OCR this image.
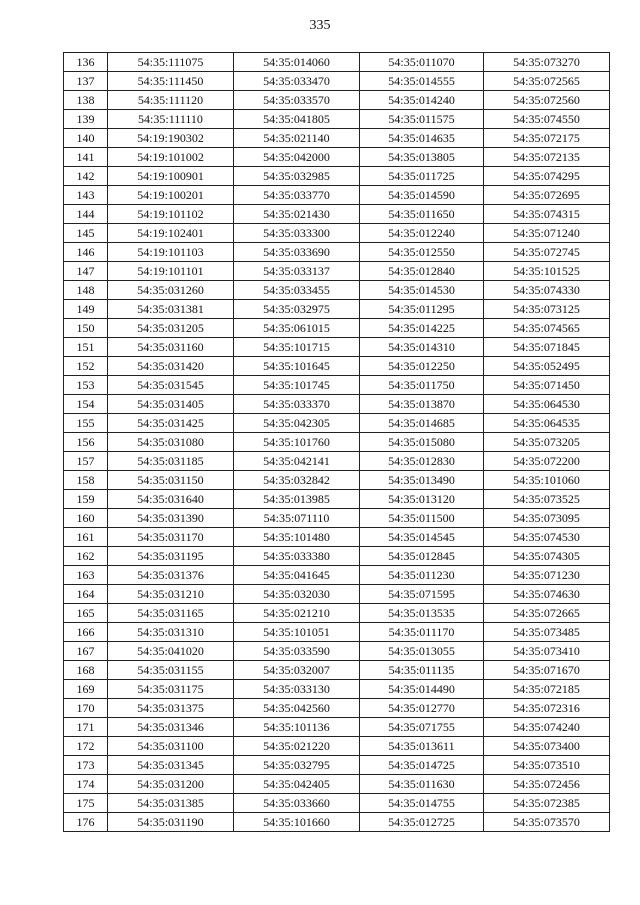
335
136	54:35:111075	54:35:014060	54:35:011070	54:35:073270
137	54:35:111450	54:35:033470	54:35:014555	54:35:072565
138	54:35:111120	54:35:033570	54:35:014240	54:35:072560
139	54:35:111110	54:35:041805	54:35:011575	54:35:074550
140	54:19:190302	54:35:021140	54:35:014635	54:35:072175
141	54:19:101002	54:35:042000	54:35:013805	54:35:072135
142	54:19:100901	54:35:032985	54:35:011725	54:35:074295
143	54:19:100201	54:35:033770	54:35:014590	54:35:072695
144	54:19:101102	54:35:021430	54:35:011650	54:35:074315
145	54:19:102401	54:35:033300	54:35:012240	54:35:071240
146	54:19:101103	54:35:033690	54:35:012550	54:35:072745
147	54:19:101101	54:35:033137	54:35:012840	54:35:101525
148	54:35:031260	54:35:033455	54:35:014530	54:35:074330
149	54:35:031381	54:35:032975	54:35:011295	54:35:073125
150	54:35:031205	54:35:061015	54:35:014225	54:35:074565
151	54:35:031160	54:35:101715	54:35:014310	54:35:071845
152	54:35:031420	54:35:101645	54:35:012250	54:35:052495
153	54:35:031545	54:35:101745	54:35:011750	54:35:071450
154	54:35:031405	54:35:033370	54:35:013870	54:35:064530
155	54:35:031425	54:35:042305	54:35:014685	54:35:064535
156	54:35:031080	54:35:101760	54:35:015080	54:35:073205
157	54:35:031185	54:35:042141	54:35:012830	54:35:072200
158	54:35:031150	54:35:032842	54:35:013490	54:35:101060
159	54:35:031640	54:35:013985	54:35:013120	54:35:073525
160	54:35:031390	54:35:071110	54:35:011500	54:35:073095
161	54:35:031170	54:35:101480	54:35:014545	54:35:074530
162	54:35:031195	54:35:033380	54:35:012845	54:35:074305
163	54:35:031376	54:35:041645	54:35:011230	54:35:071230
164	54:35:031210	54:35:032030	54:35:071595	54:35:074630
165	54:35:031165	54:35:021210	54:35:013535	54:35:072665
166	54:35:031310	54:35:101051	54:35:011170	54:35:073485
167	54:35:041020	54:35:033590	54:35:013055	54:35:073410
168	54:35:031155	54:35:032007	54:35:011135	54:35:071670
169	54:35:031175	54:35:033130	54:35:014490	54:35:072185
170	54:35:031375	54:35:042560	54:35:012770	54:35:072316
171	54:35:031346	54:35:101136	54:35:071755	54:35:074240
172	54:35:031100	54:35:021220	54:35:013611	54:35:073400
173	54:35:031345	54:35:032795	54:35:014725	54:35:073510
174	54:35:031200	54:35:042405	54:35:011630	54:35:072456
175	54:35:031385	54:35:033660	54:35:014755	54:35:072385
176	54:35:031190	54:35:101660	54:35:012725	54:35:073570
